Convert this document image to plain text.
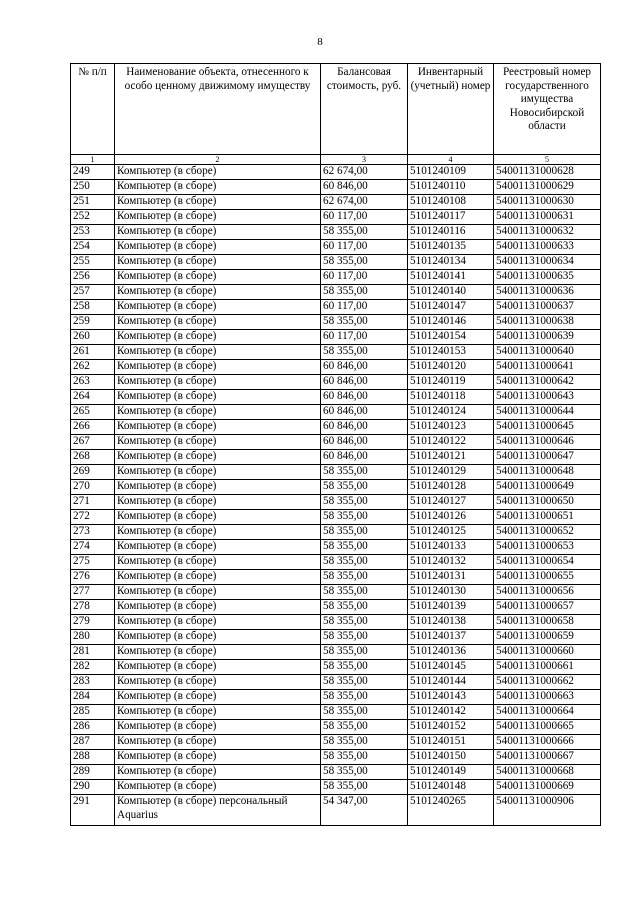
8
№ п/п	Наименование объекта, отнесенного к особо ценному движимому имуществу	Балансовая стоимость, руб.	Инвентарный (учетный) номер	Реестровый номер государственного имущества Новосибирской области
1	2	3	4	5
249	Компьютер (в сборе)	62 674,00	5101240109	54001131000628
250	Компьютер (в сборе)	60 846,00	5101240110	54001131000629
251	Компьютер (в сборе)	62 674,00	5101240108	54001131000630
252	Компьютер (в сборе)	60 117,00	5101240117	54001131000631
253	Компьютер (в сборе)	58 355,00	5101240116	54001131000632
254	Компьютер (в сборе)	60 117,00	5101240135	54001131000633
255	Компьютер (в сборе)	58 355,00	5101240134	54001131000634
256	Компьютер (в сборе)	60 117,00	5101240141	54001131000635
257	Компьютер (в сборе)	58 355,00	5101240140	54001131000636
258	Компьютер (в сборе)	60 117,00	5101240147	54001131000637
259	Компьютер (в сборе)	58 355,00	5101240146	54001131000638
260	Компьютер (в сборе)	60 117,00	5101240154	54001131000639
261	Компьютер (в сборе)	58 355,00	5101240153	54001131000640
262	Компьютер (в сборе)	60 846,00	5101240120	54001131000641
263	Компьютер (в сборе)	60 846,00	5101240119	54001131000642
264	Компьютер (в сборе)	60 846,00	5101240118	54001131000643
265	Компьютер (в сборе)	60 846,00	5101240124	54001131000644
266	Компьютер (в сборе)	60 846,00	5101240123	54001131000645
267	Компьютер (в сборе)	60 846,00	5101240122	54001131000646
268	Компьютер (в сборе)	60 846,00	5101240121	54001131000647
269	Компьютер (в сборе)	58 355,00	5101240129	54001131000648
270	Компьютер (в сборе)	58 355,00	5101240128	54001131000649
271	Компьютер (в сборе)	58 355,00	5101240127	54001131000650
272	Компьютер (в сборе)	58 355,00	5101240126	54001131000651
273	Компьютер (в сборе)	58 355,00	5101240125	54001131000652
274	Компьютер (в сборе)	58 355,00	5101240133	54001131000653
275	Компьютер (в сборе)	58 355,00	5101240132	54001131000654
276	Компьютер (в сборе)	58 355,00	5101240131	54001131000655
277	Компьютер (в сборе)	58 355,00	5101240130	54001131000656
278	Компьютер (в сборе)	58 355,00	5101240139	54001131000657
279	Компьютер (в сборе)	58 355,00	5101240138	54001131000658
280	Компьютер (в сборе)	58 355,00	5101240137	54001131000659
281	Компьютер (в сборе)	58 355,00	5101240136	54001131000660
282	Компьютер (в сборе)	58 355,00	5101240145	54001131000661
283	Компьютер (в сборе)	58 355,00	5101240144	54001131000662
284	Компьютер (в сборе)	58 355,00	5101240143	54001131000663
285	Компьютер (в сборе)	58 355,00	5101240142	54001131000664
286	Компьютер (в сборе)	58 355,00	5101240152	54001131000665
287	Компьютер (в сборе)	58 355,00	5101240151	54001131000666
288	Компьютер (в сборе)	58 355,00	5101240150	54001131000667
289	Компьютер (в сборе)	58 355,00	5101240149	54001131000668
290	Компьютер (в сборе)	58 355,00	5101240148	54001131000669
291	Компьютер (в сборе) персональный Aquarius	54 347,00	5101240265	54001131000906
